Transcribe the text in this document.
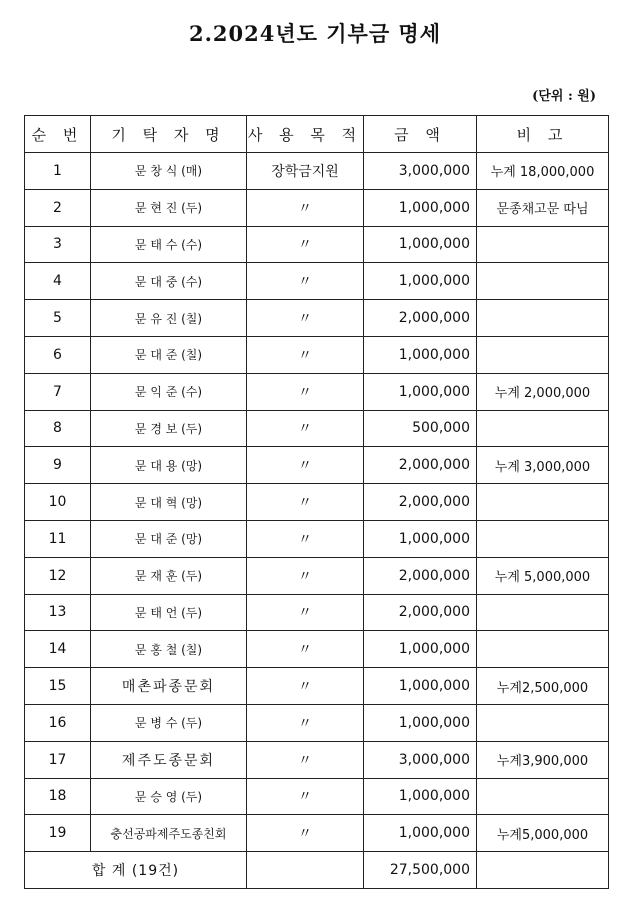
2.2024년도 기부금 명세
(단위 : 원)
순 번	기 탁 자 명	사 용 목 적	금 액	비 고
1	문 창 식 (매)	장학금지원	3,000,000	누계 18,000,000
2	문 현 진 (두)	〃	1,000,000	문종채고문 따님
3	문 태 수 (수)	〃	1,000,000	
4	문 대 중 (수)	〃	1,000,000	
5	문 유 진 (칠)	〃	2,000,000	
6	문 대 준 (칠)	〃	1,000,000	
7	문 익 준 (수)	〃	1,000,000	누계 2,000,000
8	문 경 보 (두)	〃	500,000	
9	문 대 용 (망)	〃	2,000,000	누계 3,000,000
10	문 대 혁 (망)	〃	2,000,000	
11	문 대 준 (망)	〃	1,000,000	
12	문 재 훈 (두)	〃	2,000,000	누계 5,000,000
13	문 태 언 (두)	〃	2,000,000	
14	문 홍 철 (칠)	〃	1,000,000	
15	매촌파종문회	〃	1,000,000	누계2,500,000
16	문 병 수 (두)	〃	1,000,000	
17	제주도종문회	〃	3,000,000	누계3,900,000
18	문 승 영 (두)	〃	1,000,000	
19	충선공파제주도종친회	〃	1,000,000	누계5,000,000
합 계 (19건)			27,500,000	
